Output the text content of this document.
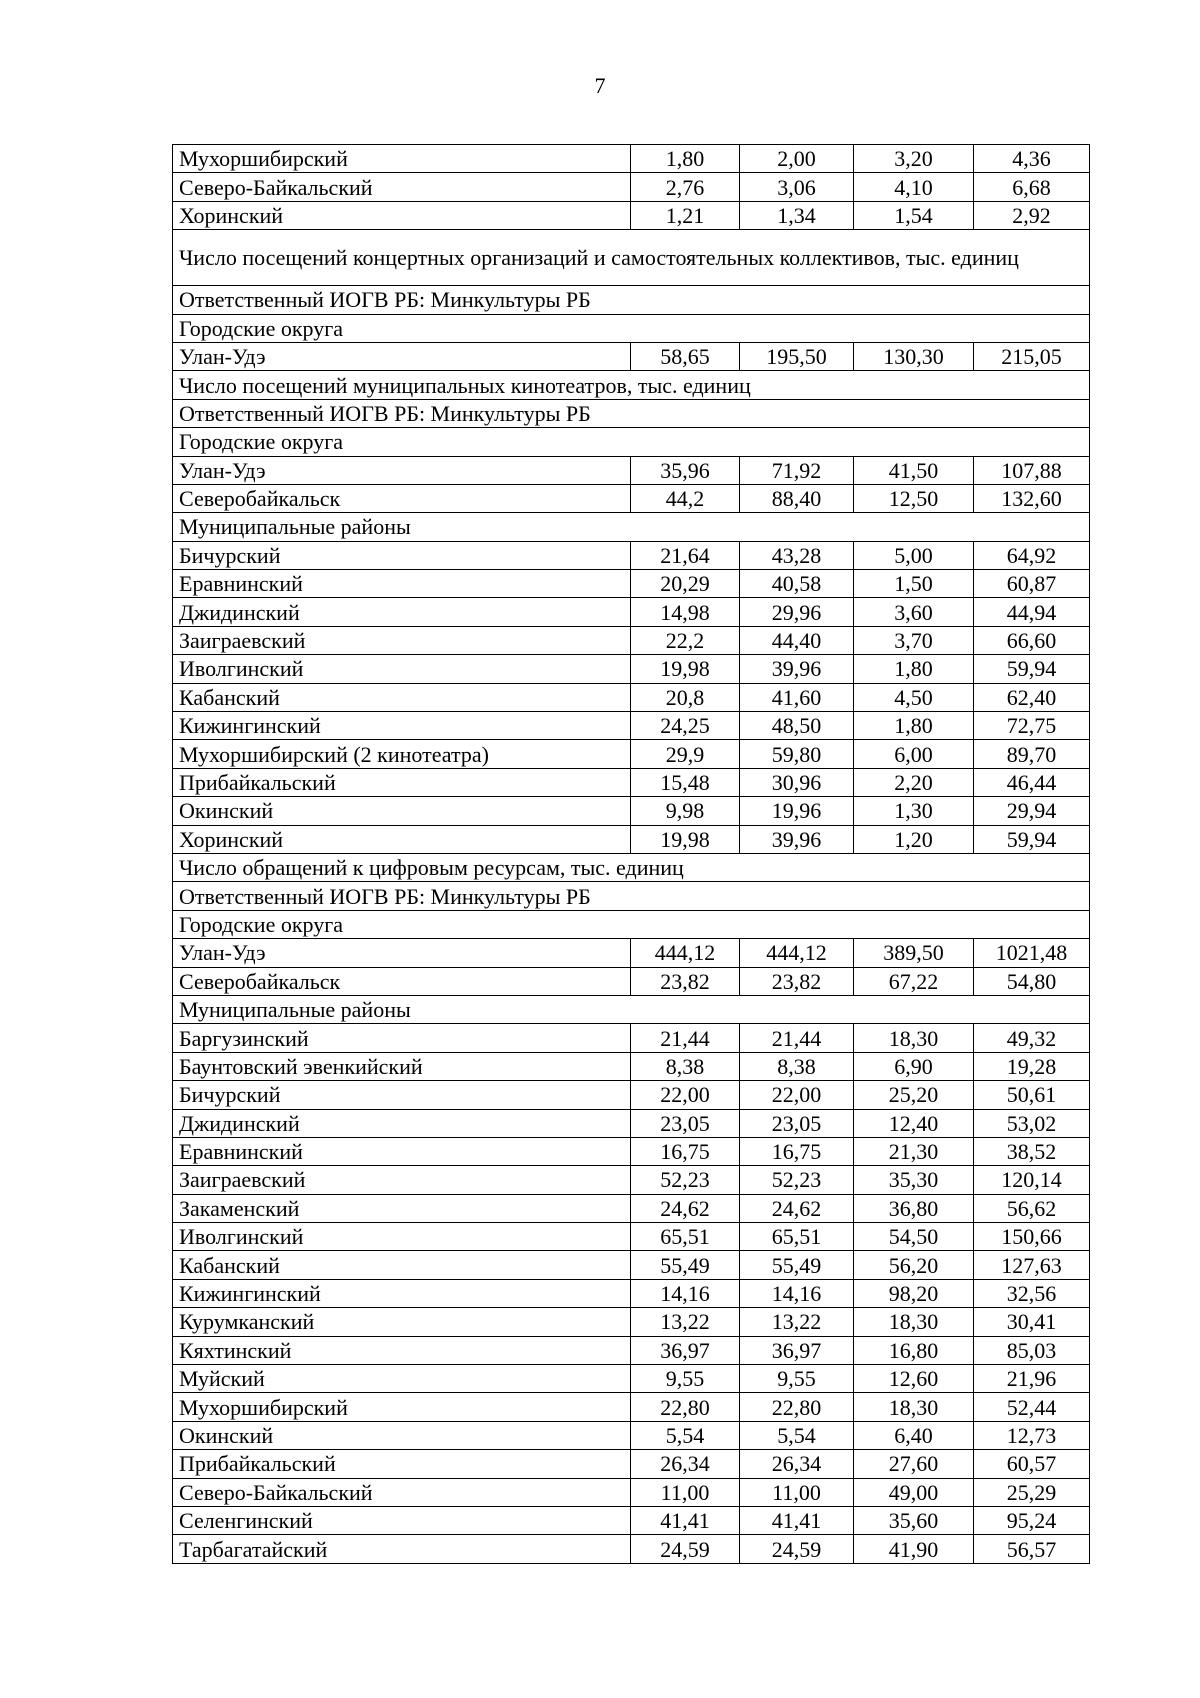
7
Мухоршибирский	1,80	2,00	3,20	4,36
Северо-Байкальский	2,76	3,06	4,10	6,68
Хоринский	1,21	1,34	1,54	2,92
Число посещений концертных организаций и самостоятельных коллективов, тыс. единиц				
Ответственный ИОГВ РБ: Минкультуры РБ				
Городские округа				
Улан-Удэ	58,65	195,50	130,30	215,05
Число посещений муниципальных кинотеатров, тыс. единиц				
Ответственный ИОГВ РБ: Минкультуры РБ				
Городские округа				
Улан-Удэ	35,96	71,92	41,50	107,88
Северобайкальск	44,2	88,40	12,50	132,60
Муниципальные районы				
Бичурский	21,64	43,28	5,00	64,92
Еравнинский	20,29	40,58	1,50	60,87
Джидинский	14,98	29,96	3,60	44,94
Заиграевский	22,2	44,40	3,70	66,60
Иволгинский	19,98	39,96	1,80	59,94
Кабанский	20,8	41,60	4,50	62,40
Кижингинский	24,25	48,50	1,80	72,75
Мухоршибирский (2 кинотеатра)	29,9	59,80	6,00	89,70
Прибайкальский	15,48	30,96	2,20	46,44
Окинский	9,98	19,96	1,30	29,94
Хоринский	19,98	39,96	1,20	59,94
Число обращений к цифровым ресурсам, тыс. единиц				
Ответственный ИОГВ РБ: Минкультуры РБ				
Городские округа				
Улан-Удэ	444,12	444,12	389,50	1021,48
Северобайкальск	23,82	23,82	67,22	54,80
Муниципальные районы				
Баргузинский	21,44	21,44	18,30	49,32
Баунтовский эвенкийский	8,38	8,38	6,90	19,28
Бичурский	22,00	22,00	25,20	50,61
Джидинский	23,05	23,05	12,40	53,02
Еравнинский	16,75	16,75	21,30	38,52
Заиграевский	52,23	52,23	35,30	120,14
Закаменский	24,62	24,62	36,80	56,62
Иволгинский	65,51	65,51	54,50	150,66
Кабанский	55,49	55,49	56,20	127,63
Кижингинский	14,16	14,16	98,20	32,56
Курумканский	13,22	13,22	18,30	30,41
Кяхтинский	36,97	36,97	16,80	85,03
Муйский	9,55	9,55	12,60	21,96
Мухоршибирский	22,80	22,80	18,30	52,44
Окинский	5,54	5,54	6,40	12,73
Прибайкальский	26,34	26,34	27,60	60,57
Северо-Байкальский	11,00	11,00	49,00	25,29
Селенгинский	41,41	41,41	35,60	95,24
Тарбагатайский	24,59	24,59	41,90	56,57
